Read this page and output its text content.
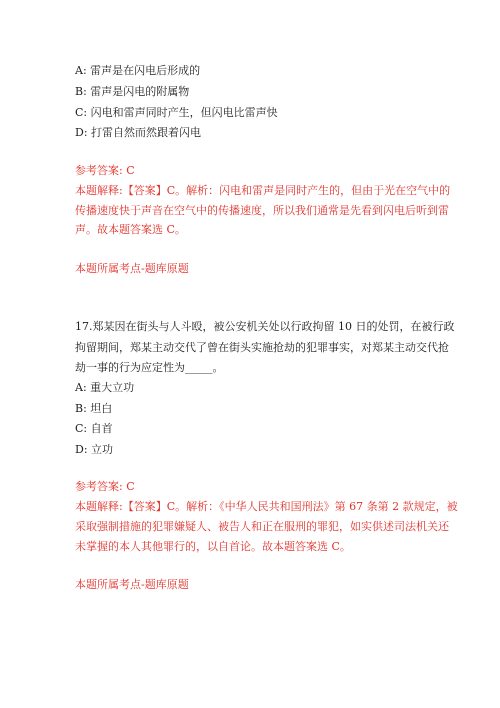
A: 雷声是在闪电后形成的
B: 雷声是闪电的附属物
C: 闪电和雷声同时产生，但闪电比雷声快
D: 打雷自然而然跟着闪电
参考答案: C
本题解释:【答案】C。解析：闪电和雷声是同时产生的，但由于光在空气中的
传播速度快于声音在空气中的传播速度，所以我们通常是先看到闪电后听到雷
声。故本题答案选 C。
本题所属考点-题库原题
17.郑某因在街头与人斗殴，被公安机关处以行政拘留 10 日的处罚，在被行政
拘留期间，郑某主动交代了曾在街头实施抢劫的犯罪事实，对郑某主动交代抢
劫一事的行为应定性为_____。
A: 重大立功
B: 坦白
C: 自首
D: 立功
参考答案: C
本题解释:【答案】C。解析：《中华人民共和国刑法》第 67 条第 2 款规定，被
采取强制措施的犯罪嫌疑人、被告人和正在服刑的罪犯，如实供述司法机关还
未掌握的本人其他罪行的，以自首论。故本题答案选 C。
本题所属考点-题库原题
